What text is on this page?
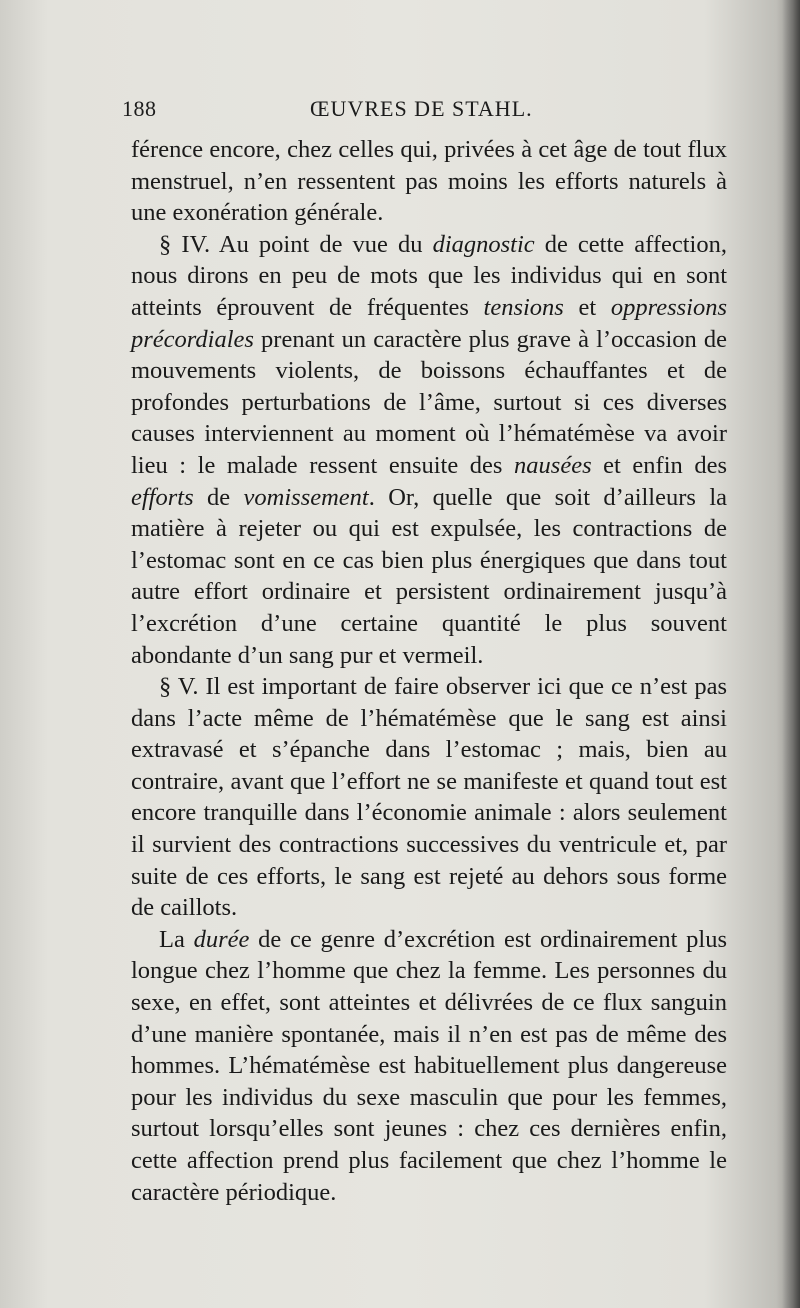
188	ŒUVRES DE STAHL.

férence encore, chez celles qui, privées à cet âge de tout flux menstruel, n’en ressentent pas moins les efforts naturels à une exonération générale.

§ IV. Au point de vue du diagnostic de cette affection, nous dirons en peu de mots que les individus qui en sont atteints éprouvent de fréquentes tensions et oppressions précordiales prenant un caractère plus grave à l’occasion de mouvements violents, de boissons échauffantes et de profondes perturbations de l’âme, surtout si ces diverses causes interviennent au moment où l’hématémèse va avoir lieu : le malade ressent ensuite des nausées et enfin des efforts de vomissement. Or, quelle que soit d’ailleurs la matière à rejeter ou qui est expulsée, les contractions de l’estomac sont en ce cas bien plus énergiques que dans tout autre effort ordinaire et persistent ordinairement jusqu’à l’excrétion d’une certaine quantité le plus souvent abondante d’un sang pur et vermeil.

§ V. Il est important de faire observer ici que ce n’est pas dans l’acte même de l’hématémèse que le sang est ainsi extravasé et s’épanche dans l’estomac ; mais, bien au contraire, avant que l’effort ne se manifeste et quand tout est encore tranquille dans l’économie animale : alors seulement il survient des contractions successives du ventricule et, par suite de ces efforts, le sang est rejeté au dehors sous forme de caillots.

La durée de ce genre d’excrétion est ordinairement plus longue chez l’homme que chez la femme. Les personnes du sexe, en effet, sont atteintes et délivrées de ce flux sanguin d’une manière spontanée, mais il n’en est pas de même des hommes. L’hématémèse est habituellement plus dangereuse pour les individus du sexe masculin que pour les femmes, surtout lorsqu’elles sont jeunes : chez ces dernières enfin, cette affection prend plus facilement que chez l’homme le caractère périodique.
